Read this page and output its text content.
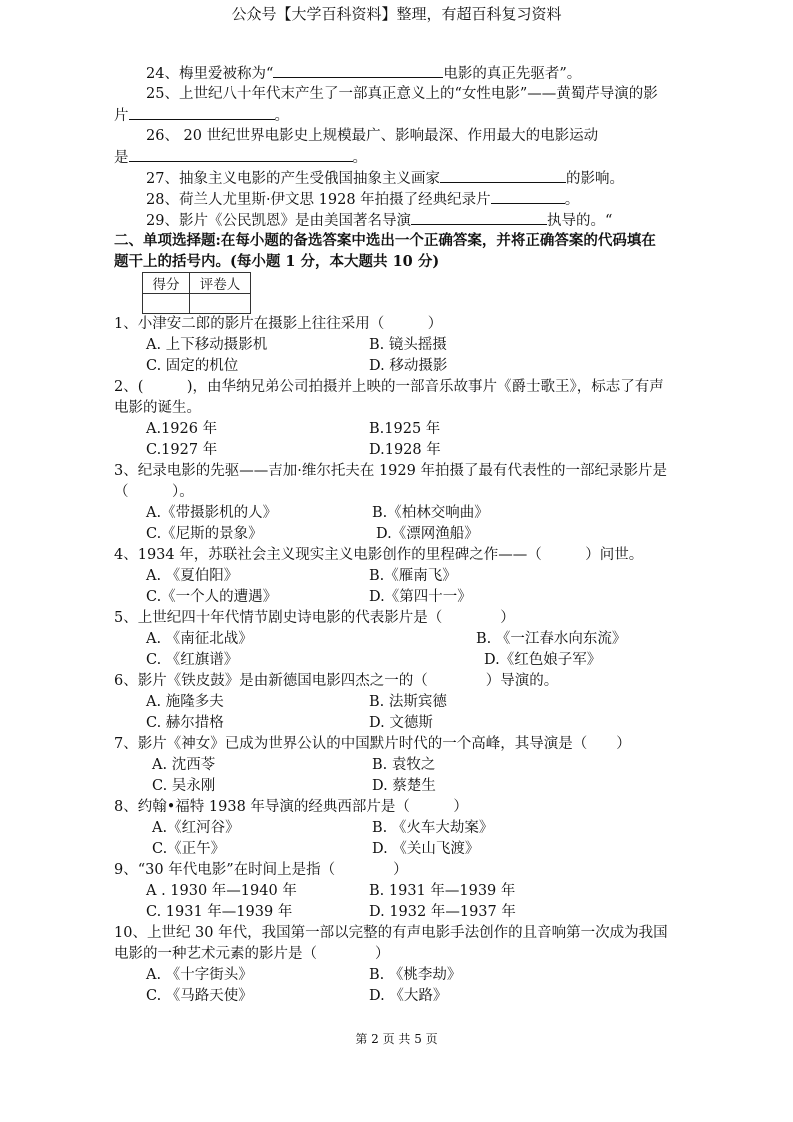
公众号【大学百科资料】整理，有超百科复习资料
24、梅里爱被称为“	电影的真正先驱者”。
25、上世纪八十年代末产生了一部真正意义上的“女性电影”——黄蜀芹导演的影
片	。
26、 20 世纪世界电影史上规模最广、影响最深、作用最大的电影运动
是	。
27、抽象主义电影的产生受俄国抽象主义画家	的影响。
28、荷兰人尤里斯·伊文思 1928 年拍摄了经典纪录片	。
29、影片《公民凯恩》是由美国著名导演	执导的。“
二、单项选择题:在每小题的备选答案中选出一个正确答案，并将正确答案的代码填在
题干上的括号内。(每小题 1 分，本大题共 10 分)
得分	评卷人

1、小津安二郎的影片在摄影上往往采用（　　　）
A. 上下移动摄影机	B. 镜头摇摄
C. 固定的机位	D. 移动摄影
2、(　　　)，由华纳兄弟公司拍摄并上映的一部音乐故事片《爵士歌王》，标志了有声
电影的诞生。
A.1926 年	B.1925 年
C.1927 年	D.1928 年
3、纪录电影的先驱——吉加·维尔托夫在 1929 年拍摄了最有代表性的一部纪录影片是
（　　　）。
A.《带摄影机的人》	B.《柏林交响曲》
C.《尼斯的景象》	D.《漂网渔船》
4、1934 年，苏联社会主义现实主义电影创作的里程碑之作——（　　　）问世。
A. 《夏伯阳》	B.《雁南飞》
C.《一个人的遭遇》	D.《第四十一》
5、上世纪四十年代情节剧史诗电影的代表影片是（　　　　）
A. 《南征北战》	B. 《一江春水向东流》
C. 《红旗谱》	D.《红色娘子军》
6、影片《铁皮鼓》是由新德国电影四杰之一的（　　　　）导演的。
A. 施隆多夫	B. 法斯宾德
C. 赫尔措格	D. 文德斯
7、影片《神女》已成为世界公认的中国默片时代的一个高峰，其导演是（　　）
A. 沈西苓	B. 袁牧之
C. 吴永刚	D. 蔡楚生
8、约翰•福特 1938 年导演的经典西部片是（　　　）
A.《红河谷》	B. 《火车大劫案》
C.《正午》	D. 《关山飞渡》
9、“30 年代电影”在时间上是指（　　　　）
A . 1930 年—1940 年	B. 1931 年—1939 年
C. 1931 年—1939 年	D. 1932 年—1937 年
10、上世纪 30 年代，我国第一部以完整的有声电影手法创作的且音响第一次成为我国
电影的一种艺术元素的影片是（　　　　）
A. 《十字街头》	B. 《桃李劫》
C. 《马路天使》	D. 《大路》
第 2 页 共 5 页
